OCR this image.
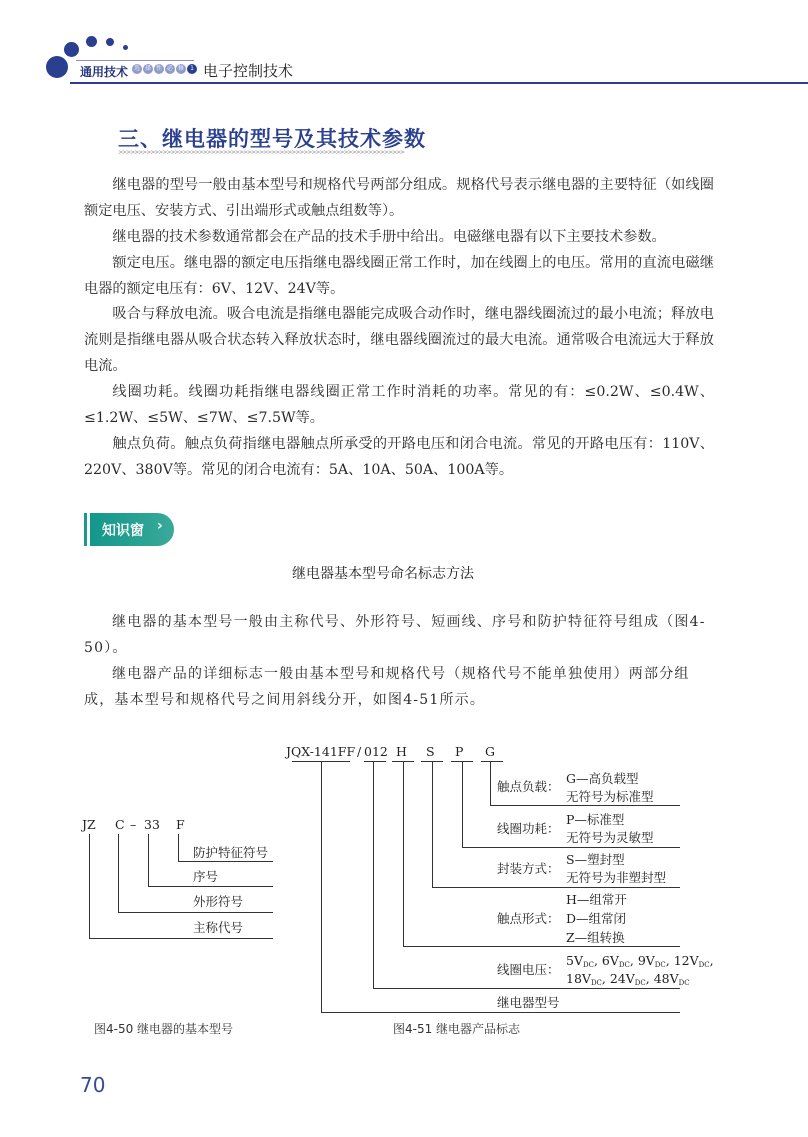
通用技术 选 择 性 必 修	1 电子控制技术
三、继电器的型号及其技术参数
>>>>>>>>>>>>>>>>>>>>>>>>>>>>>>>>>>>>>>>>>>>>>>>>>>>>>>>>>>>>>>>>>>>>>>>

继电器的型号一般由基本型号和规格代号两部分组成。规格代号表示继电器的主要特征（如线圈额定电压、安装方式、引出端形式或触点组数等）。

继电器的技术参数通常都会在产品的技术手册中给出。电磁继电器有以下主要技术参数。

额定电压。继电器的额定电压指继电器线圈正常工作时，加在线圈上的电压。常用的直流电磁继电器的额定电压有：6V、12V、24V等。

吸合与释放电流。吸合电流是指继电器能完成吸合动作时，继电器线圈流过的最小电流；释放电流则是指继电器从吸合状态转入释放状态时，继电器线圈流过的最大电流。通常吸合电流远大于释放电流。

线圈功耗。线圈功耗指继电器线圈正常工作时消耗的功率。常见的有：≤0.2W、≤0.4W、≤1.2W、≤5W、≤7W、≤7.5W等。

触点负荷。触点负荷指继电器触点所承受的开路电压和闭合电流。常见的开路电压有：110V、220V、380V等。常见的闭合电流有：5A、10A、50A、100A等。

知识窗 ›
继电器基本型号命名标志方法

继电器的基本型号一般由主称代号、外形符号、短画线、序号和防护特征符号组成（图4-50）。

继电器产品的详细标志一般由基本型号和规格代号（规格代号不能单独使用）两部分组成，基本型号和规格代号之间用斜线分开，如图4-51所示。

JZ C – 33 F
防护特征符号
序号
外形符号
主称代号
图4-50 继电器的基本型号
JQX-141FF / 012 H S P G
触点负载：
G—高负载型
无符号为标准型
线圈功耗：
P—标准型
无符号为灵敏型
封装方式：
S—塑封型
无符号为非塑封型
触点形式：
H—组常开
D—组常闭
Z—组转换
线圈电压：
$5V_{DC}$, $6V_{DC}$, $9V_{DC}$, $12V_{DC}$,
$18V_{DC}$, $24V_{DC}$, $48V_{DC}$
继电器型号
图4-51 继电器产品标志
70
